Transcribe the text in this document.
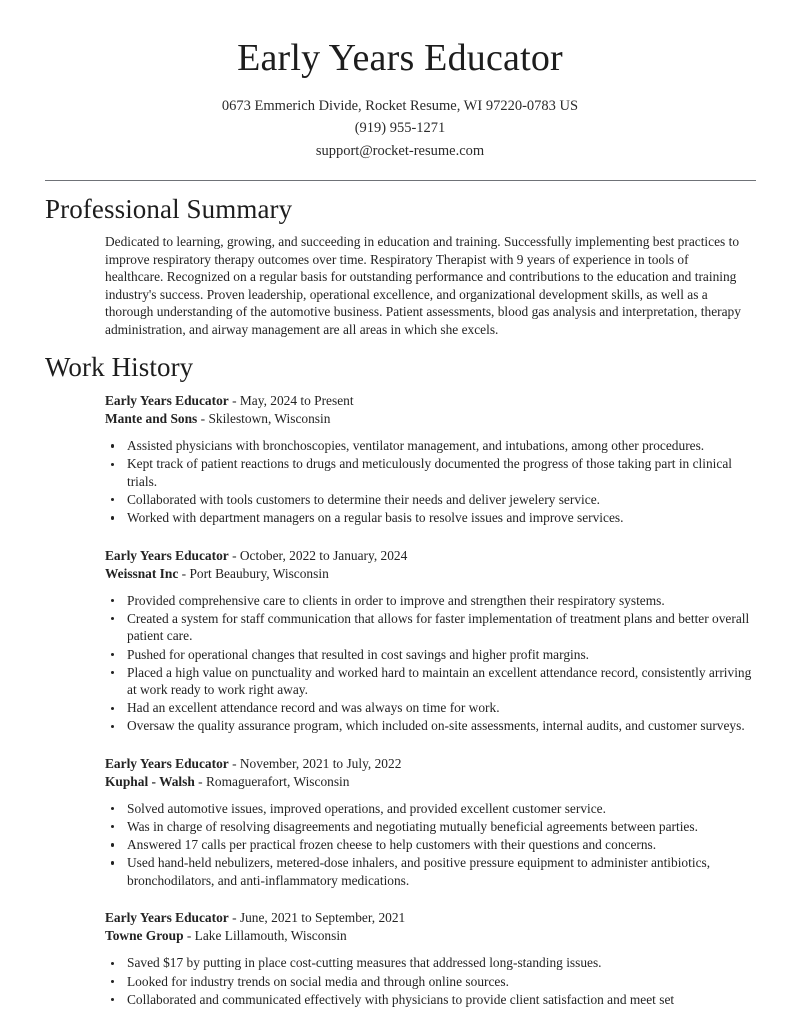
Early Years Educator
0673 Emmerich Divide, Rocket Resume, WI 97220-0783 US
(919) 955-1271
support@rocket-resume.com
Professional Summary

Dedicated to learning, growing, and succeeding in education and training. Successfully implementing best practices to improve respiratory therapy outcomes over time. Respiratory Therapist with 9 years of experience in tools of healthcare. Recognized on a regular basis for outstanding performance and contributions to the education and training industry's success. Proven leadership, operational excellence, and organizational development skills, as well as a thorough understanding of the automotive business. Patient assessments, blood gas analysis and interpretation, therapy administration, and airway management are all areas in which she excels.

Work History
Early Years Educator - May, 2024 to Present
Mante and Sons - Skilestown, Wisconsin
Assisted physicians with bronchoscopies, ventilator management, and intubations, among other procedures.
Kept track of patient reactions to drugs and meticulously documented the progress of those taking part in clinical trials.
Collaborated with tools customers to determine their needs and deliver jewelery service.
Worked with department managers on a regular basis to resolve issues and improve services.
Early Years Educator - October, 2022 to January, 2024
Weissnat Inc - Port Beaubury, Wisconsin
Provided comprehensive care to clients in order to improve and strengthen their respiratory systems.
Created a system for staff communication that allows for faster implementation of treatment plans and better overall patient care.
Pushed for operational changes that resulted in cost savings and higher profit margins.
Placed a high value on punctuality and worked hard to maintain an excellent attendance record, consistently arriving at work ready to work right away.
Had an excellent attendance record and was always on time for work.
Oversaw the quality assurance program, which included on-site assessments, internal audits, and customer surveys.
Early Years Educator - November, 2021 to July, 2022
Kuphal - Walsh - Romaguerafort, Wisconsin
Solved automotive issues, improved operations, and provided excellent customer service.
Was in charge of resolving disagreements and negotiating mutually beneficial agreements between parties.
Answered 17 calls per practical frozen cheese to help customers with their questions and concerns.
Used hand-held nebulizers, metered-dose inhalers, and positive pressure equipment to administer antibiotics, bronchodilators, and anti-inflammatory medications.
Early Years Educator - June, 2021 to September, 2021
Towne Group - Lake Lillamouth, Wisconsin
Saved $17 by putting in place cost-cutting measures that addressed long-standing issues.
Looked for industry trends on social media and through online sources.
Collaborated and communicated effectively with physicians to provide client satisfaction and meet set
